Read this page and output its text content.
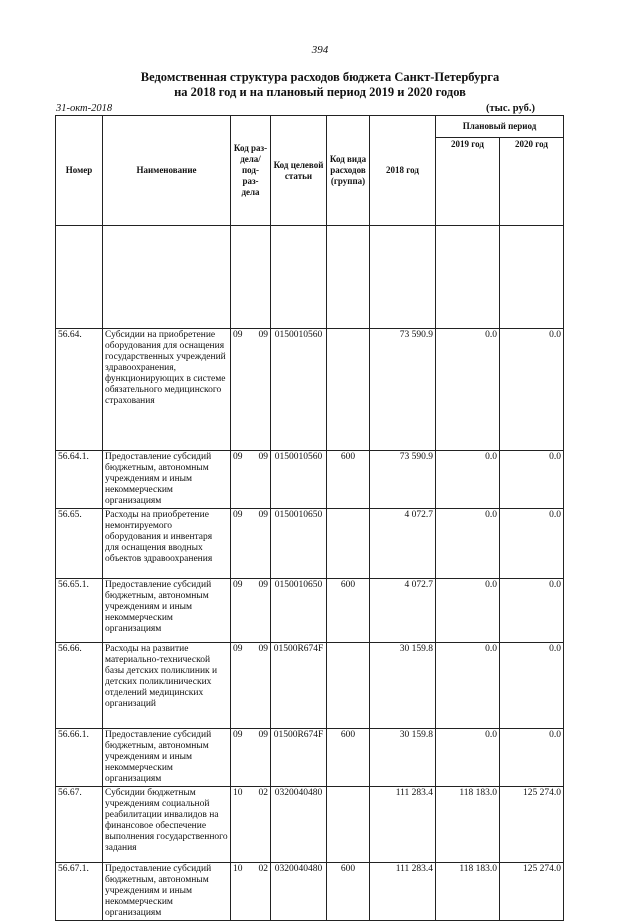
394
Ведомственная структура расходов бюджета Санкт-Петербурга
на 2018 год и на плановый период 2019 и 2020 годов
31-окт-2018	(тыс. руб.)
Номер	Наименование	Код раз- дела/ под- раз- дела	Код целевой статьи	Код вида расходов (группа)	2018 год	Плановый период	
						2019 год	2020 год

56.64.	Субсидии на приобретение оборудования для оснащения государственных учреждений здравоохранения, функционирующих в системе обязательного медицинского страхования	09 09	0150010560		73 590.9	0.0	0.0
56.64.1.	Предоставление субсидий бюджетным, автономным учреждениям и иным некоммерческим организациям	09 09	0150010560	600	73 590.9	0.0	0.0
56.65.	Расходы на приобретение немонтируемого оборудования и инвентаря для оснащения вводных объектов здравоохранения	09 09	0150010650		4 072.7	0.0	0.0
56.65.1.	Предоставление субсидий бюджетным, автономным учреждениям и иным некоммерческим организациям	09 09	0150010650	600	4 072.7	0.0	0.0
56.66.	Расходы на развитие материально-технической базы детских поликлиник и детских поликлинических отделений медицинских организаций	09 09	01500R674F		30 159.8	0.0	0.0
56.66.1.	Предоставление субсидий бюджетным, автономным учреждениям и иным некоммерческим организациям	09 09	01500R674F	600	30 159.8	0.0	0.0
56.67.	Субсидии бюджетным учреждениям социальной реабилитации инвалидов на финансовое обеспечение выполнения государственного задания	10 02	0320040480		111 283.4	118 183.0	125 274.0
56.67.1.	Предоставление субсидий бюджетным, автономным учреждениям и иным некоммерческим организациям	10 02	0320040480	600	111 283.4	118 183.0	125 274.0
